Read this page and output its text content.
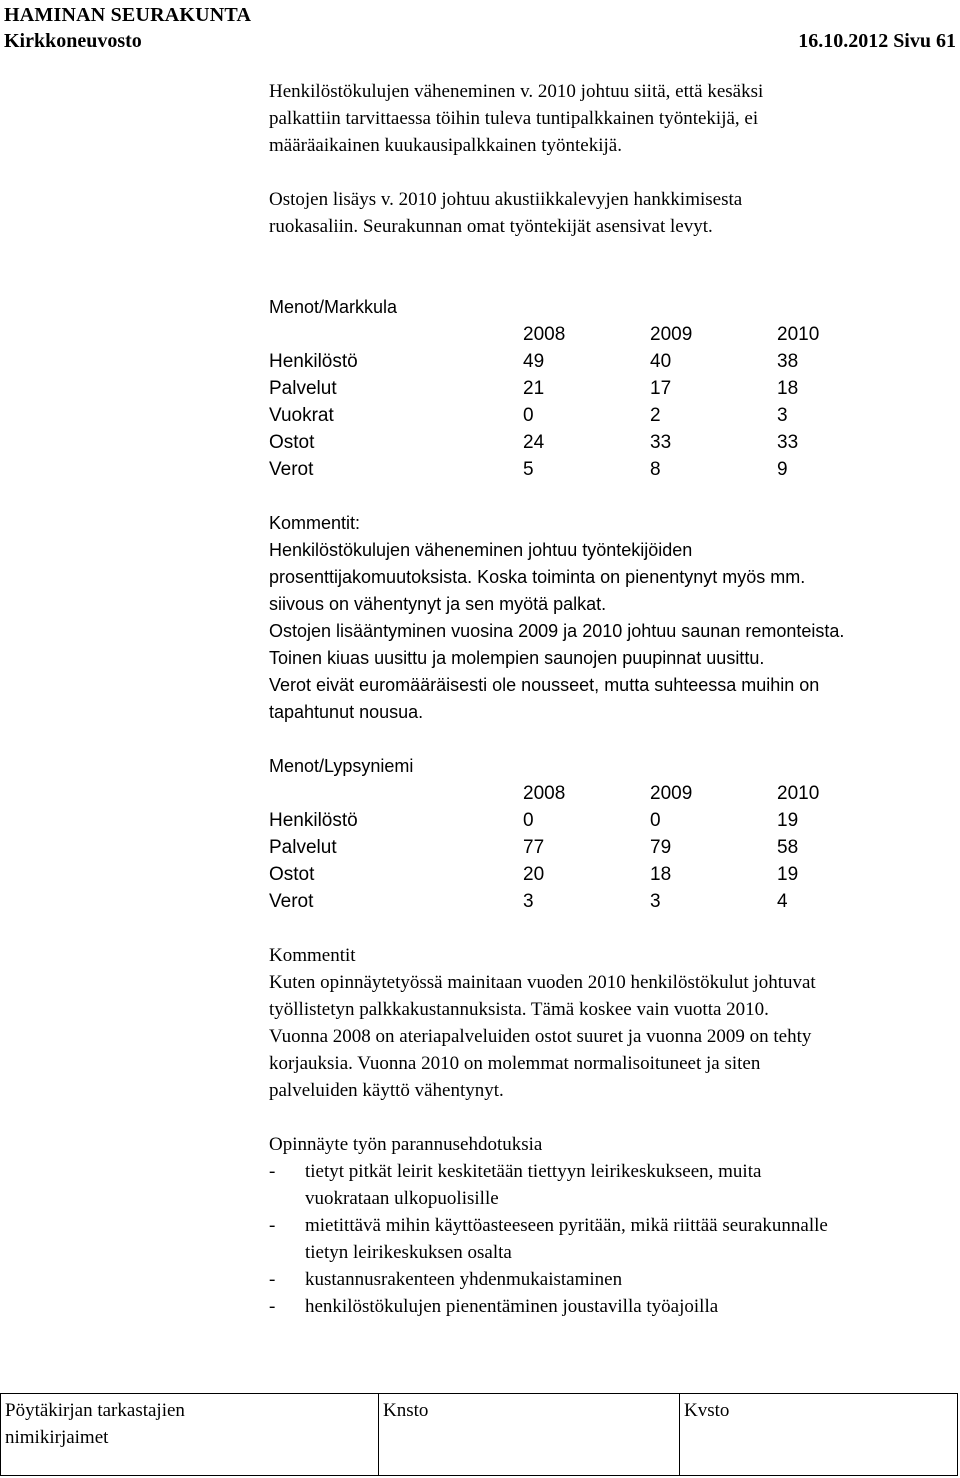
HAMINAN SEURAKUNTA
Kirkkoneuvosto	16.10.2012 Sivu 61

Henkilöstökulujen väheneminen v. 2010 johtuu siitä, että kesäksi
palkattiin tarvittaessa töihin tuleva tuntipalkkainen työntekijä, ei
määräaikainen kuukausipalkkainen työntekijä.

Ostojen lisäys v. 2010 johtuu akustiikkalevyjen hankkimisesta
ruokasaliin. Seurakunnan omat työntekijät asensivat levyt.

Menot/Markkula

	2008	2009	2010
Henkilöstö	49	40	38
Palvelut	21	17	18
Vuokrat	0	2	3
Ostot	24	33	33
Verot	5	8	9

Kommentit:

Henkilöstökulujen väheneminen johtuu työntekijöiden

prosenttijakomuutoksista. Koska toiminta on pienentynyt myös mm.

siivous on vähentynyt ja sen myötä palkat.

Ostojen lisääntyminen vuosina 2009 ja 2010 johtuu saunan remonteista.

Toinen kiuas uusittu ja molempien saunojen puupinnat uusittu.

Verot eivät euromääräisesti ole nousseet, mutta suhteessa muihin on

tapahtunut nousua.

Menot/Lypsyniemi

	2008	2009	2010
Henkilöstö	0	0	19
Palvelut	77	79	58
Ostot	20	18	19
Verot	3	3	4

Kommentit

Kuten opinnäytetyössä mainitaan vuoden 2010 henkilöstökulut johtuvat

työllistetyn palkkakustannuksista. Tämä koskee vain vuotta 2010.

Vuonna 2008 on ateriapalveluiden ostot suuret ja vuonna 2009 on tehty

korjauksia. Vuonna 2010 on molemmat normalisoituneet ja siten

palveluiden käyttö vähentynyt.

Opinnäyte työn parannusehdotuksia

-	tietyt pitkät leirit keskitetään tiettyyn leirikeskukseen, muita
vuokrataan ulkopuolisille
-	mietittävä mihin käyttöasteeseen pyritään, mikä riittää seurakunnalle
tietyn leirikeskuksen osalta
-	kustannusrakenteen yhdenmukaistaminen
-	henkilöstökulujen pienentäminen joustavilla työajoilla
Pöytäkirjan tarkastajien
nimikirjaimet
Knsto	Kvsto
